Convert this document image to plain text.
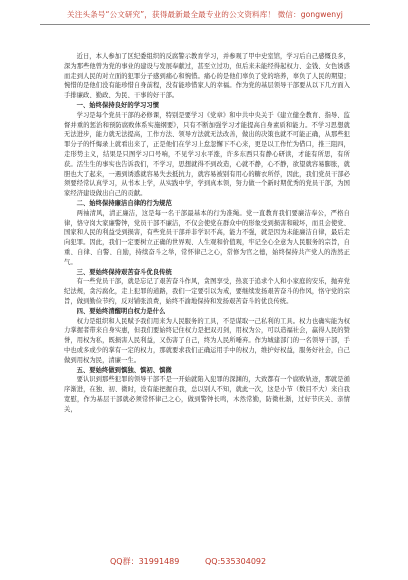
关注头条号“公文研究”，获得最新最全最专业的公文资料库！ 微信：gongwenyj

近日，本人参加了区纪委组织的反腐警示教育学习，并参观了甲中史室馆，学习后自己感慨良多，深为那些他曾为党的事业的建设与发展奉献过，甚至立过功，但后来未能经得起权力、金钱、女色诱惑而走到人民的对立面的犯罪分子感到痛心和惋惜。痛心的是他们辜负了党的培养，辜负了人民的期望；惋惜的是他们没有能珍惜自身前程，没有能珍惜家人的幸福。作为党的基层领导干部要从以下几方面入手排廉政、勤政、为民、干事的好干部。

一、始终保持良好的学习习惯

学习是每个党员干部的必修课，特别是要学习《党章》和中共中央关于《建立健全教育、指导、监督并重的惩治和预防腐败体系实施纲要》，只有不断加强学习才能提高自身素质和能力。不学习思想就无法进步，能力就无法提高，工作方法、领导方法就无法改善，做出的决策也就不可能正确，从那些犯罪分子的忏悔录上就看出来了，正是他们在学习上怠忽懈下不心来，更是以工作忙为借口，推三阻四，走形势主义，结果是只图学习口号响，不见学习水平涨，许多东西只有静心研读，才能有所思，有所获。活生生的事实也告诉我们，不学习，思想就得不到改造，心就不静，心不静，欲望就容易膨胀，就胆也大了起来，一遇到诱惑就容易失去抵抗力，就容易被别有用心的糖衣所俘，因此，我们党员干部必须要经常认真学习，从书本上学，从实践中学，学到真本领，努力做一个新时期优秀的党员干部，为国家经济建设做出自己的贡献。

二、始终保持廉洁自律的行为规范

两袖清风，清正廉洁，这是每一名干部最基本的行为准绳。党一直教育我们要廉洁奉公，严格自律，恪守岗大家廉警钟，党员干部不廉洁，不仅会使党在群众中的形象受到损害和破坏，而且会使党、国家和人民的利益受到损害，有些党员干部并非学识不高，能力不强，就是因为未能廉洁自律，最后走向犯罪。因此，我们一定要树立正确的世界观、人生观和价值观，牢记全心全意为人民服务的宗旨，自重、自律、自警、自励，持续奋斗之举，常怀律己之心，常修为官之德，始终保持共产党人的浩然正气。

三、要始终保持艰苦奋斗优良传统

有一些党员干部，就是忘记了艰苦奋斗作风，贪图享受，热衷于追求个人和小家庭的安乐，抛弃党纪法规，贪污腐化，走上犯罪的道路，我们一定要引以为戒，要继续发扬艰苦奋斗的作风，恪守党的宗旨，做到勤俭节约，反对铺张浪费，始终不渝地保持和发扬艰苦奋斗的优良传统。

四、要始终清醒明白权力是什么

权力是组织和人民赋予我们用来为人民服务的工具，不是谋取一己私利的工具。权力也确实能为权力掌握者带来自身实惠，但我们要始终记住权力是把双刃剑，用权为公，可以造福社会，赢得人民的赞誉，用权为私，既损害人民利益，又伤害了自己，终为人民所唾弃。作为城建部门的一名领导干部，手中也或多或少的掌有一定的权力，那就要求我们正确运用手中的权力，维护好权益，服务好社会，自己做到用权为民，清廉一生。

五、要始终做到慎独、慎初、慎微

要认识到那些犯罪的领导干部不是一开始就陷入犯罪的深渊的，大致都有一个腐败轨迹，那就是循序渐进，在独、初、微时，没有能把握自我，总以别人不知，就此一次，这是小节（数目不大）来自我宽慰，作为基层干部就必须常怀律己之心，做到警钟长鸣，木然常勤，防微杜渐，过好节庆关、亲情关，

QQ群：31991489	QQ:535304092
